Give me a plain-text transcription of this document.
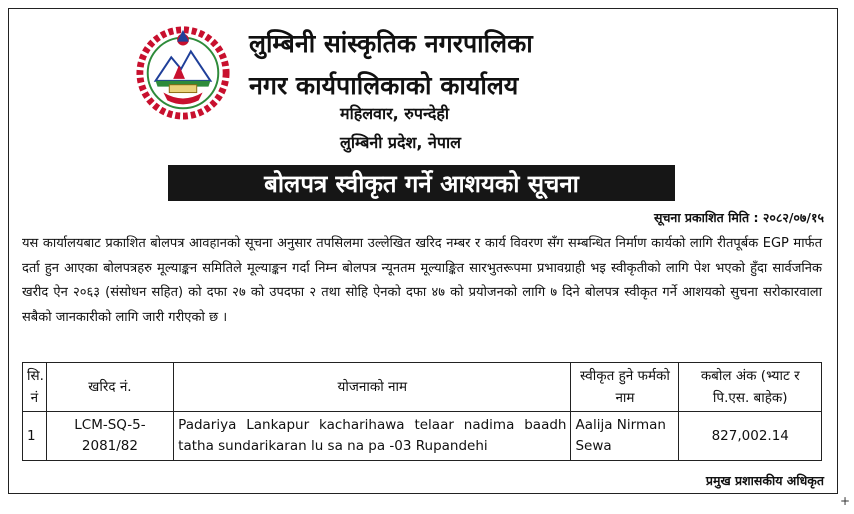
लुम्बिनी सांस्कृतिक नगरपालिका
नगर कार्यपालिकाको कार्यालय
महिलवार, रुपन्देही
लुम्बिनी प्रदेश, नेपाल
बोलपत्र स्वीकृत गर्ने आशयको सूचना
सूचना प्रकाशित मिति : २०८२/०७/१५
यस कार्यालयबाट प्रकाशित बोलपत्र आवहानको सूचना अनुसार तपसिलमा उल्लेखित खरिद नम्बर र कार्य विवरण सँग सम्बन्धित निर्माण कार्यको लागि रीतपूर्बक EGP मार्फत दर्ता हुन आएका बोलपत्रहरु मूल्याङ्कन समितिले मूल्याङ्कन गर्दा निम्न बोलपत्र न्यूनतम मूल्याङ्कित सारभुतरूपमा प्रभावग्राही भइ स्वीकृतीको लागि पेश भएको हुँदा सार्वजनिक खरीद ऐन २०६३ (संसोधन सहित) को दफा २७ को उपदफा २ तथा सोहि ऐनको दफा ४७ को प्रयोजनको लागि ७ दिने बोलपत्र स्वीकृत गर्ने आशयको सुचना सरोकारवाला सबैको जानकारीको लागि जारी गरीएको छ ।
सि. नं	खरिद नं.	योजनाको नाम	स्वीकृत हुने फर्मको नाम	कबोल अंक (भ्याट र पि.एस. बाहेक)
1	LCM-SQ-5-2081/82	Padariya Lankapur kacharihawa telaar nadima baadh tatha sundarikaran lu sa na pa -03 Rupandehi	Aalija Nirman Sewa	827,002.14
प्रमुख प्रशासकीय अधिकृत
+
